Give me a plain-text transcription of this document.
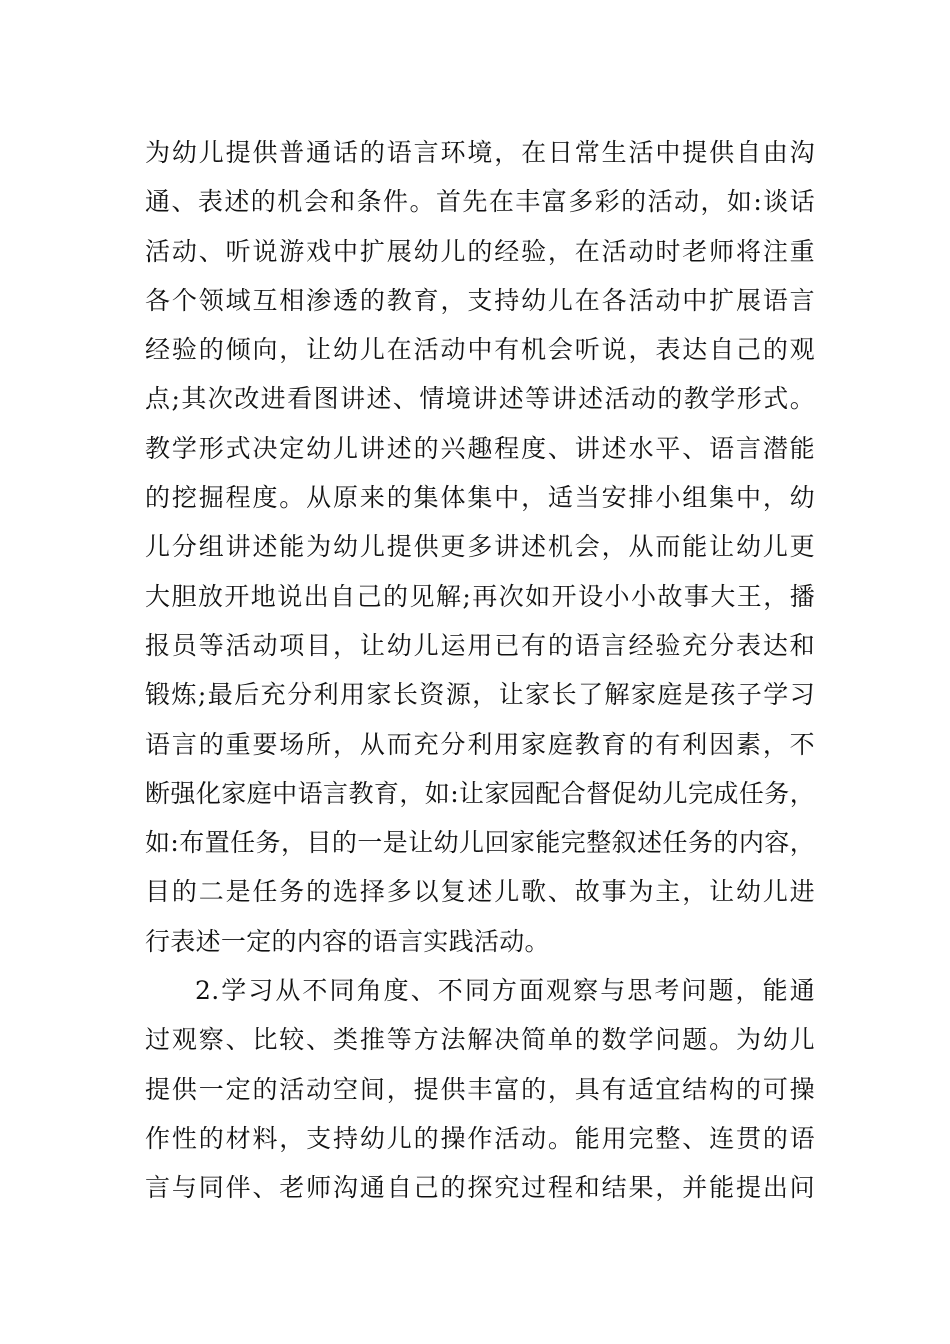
为幼儿提供普通话的语言环境，在日常生活中提供自由沟
通、表述的机会和条件。首先在丰富多彩的活动，如:谈话
活动、听说游戏中扩展幼儿的经验，在活动时老师将注重
各个领域互相渗透的教育，支持幼儿在各活动中扩展语言
经验的倾向，让幼儿在活动中有机会听说，表达自己的观
点;其次改进看图讲述、情境讲述等讲述活动的教学形式。
教学形式决定幼儿讲述的兴趣程度、讲述水平、语言潜能
的挖掘程度。从原来的集体集中，适当安排小组集中，幼
儿分组讲述能为幼儿提供更多讲述机会，从而能让幼儿更
大胆放开地说出自己的见解;再次如开设小小故事大王，播
报员等活动项目，让幼儿运用已有的语言经验充分表达和
锻炼;最后充分利用家长资源，让家长了解家庭是孩子学习
语言的重要场所，从而充分利用家庭教育的有利因素，不
断强化家庭中语言教育，如:让家园配合督促幼儿完成任务，
如:布置任务，目的一是让幼儿回家能完整叙述任务的内容，
目的二是任务的选择多以复述儿歌、故事为主，让幼儿进
行表述一定的内容的语言实践活动。
2.学习从不同角度、不同方面观察与思考问题，能通
过观察、比较、类推等方法解决简单的数学问题。为幼儿
提供一定的活动空间，提供丰富的，具有适宜结构的可操
作性的材料，支持幼儿的操作活动。能用完整、连贯的语
言与同伴、老师沟通自己的探究过程和结果，并能提出问
